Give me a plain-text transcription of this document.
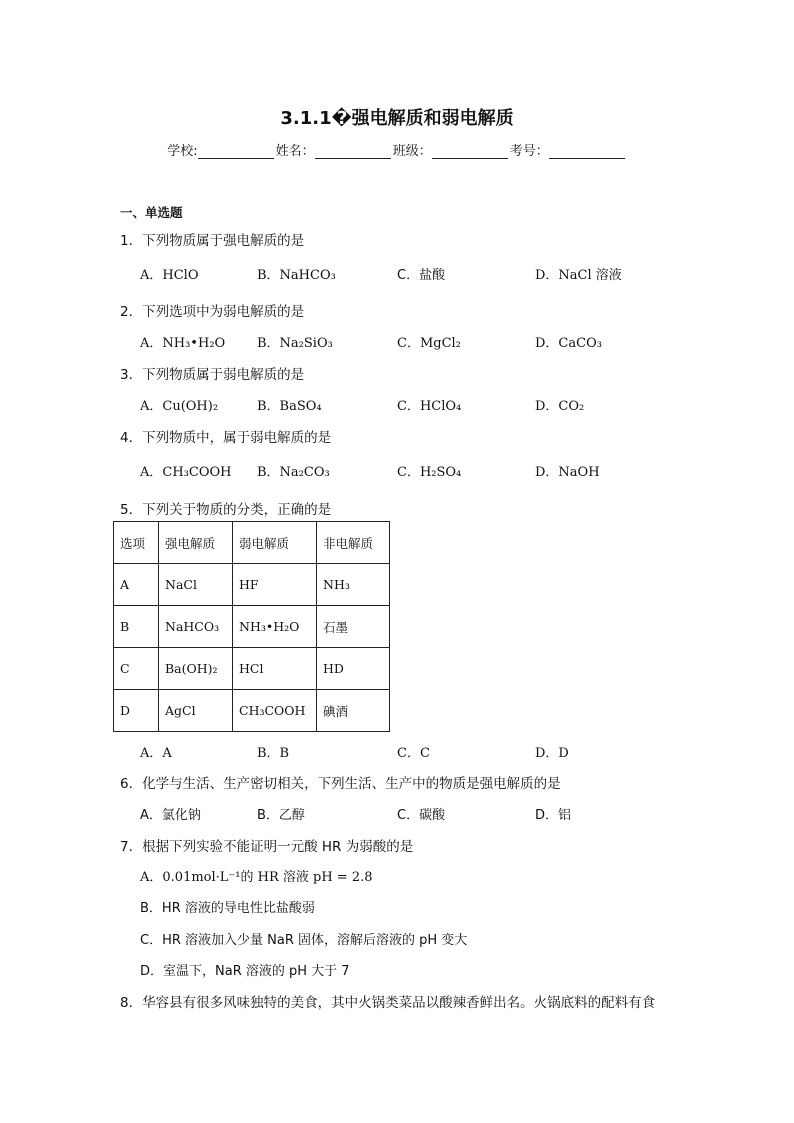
3.1.1�强电解质和弱电解质
学校:	姓名：	班级：	考号：
一、单选题
1．下列物质属于强电解质的是
A．HClO	B．NaHCO₃	C．盐酸	D．NaCl 溶液
2．下列选项中为弱电解质的是
A．NH₃•H₂O B．Na₂SiO₃	C．MgCl₂	D．CaCO₃
3．下列物质属于弱电解质的是
A．Cu(OH)₂	B．BaSO₄	C．HClO₄	D．CO₂
4．下列物质中，属于弱电解质的是
A．CH₃COOH B．Na₂CO₃	C．H₂SO₄	D．NaOH
5．下列关于物质的分类，正确的是
选项	强电解质	弱电解质	非电解质
A	NaCl	HF	NH₃
B	NaHCO₃	NH₃•H₂O	石墨
C	Ba(OH)₂	HCl	HD
D	AgCl	CH₃COOH	碘酒
A．A	B．B	C．C	D．D
6．化学与生活、生产密切相关，下列生活、生产中的物质是强电解质的是
A．氯化钠	B．乙醇	C．碳酸	D．铝
7．根据下列实验不能证明一元酸 HR 为弱酸的是
A．0.01mol·L⁻¹的 HR 溶液 pH = 2.8
B．HR 溶液的导电性比盐酸弱
C．HR 溶液加入少量 NaR 固体，溶解后溶液的 pH 变大
D．室温下，NaR 溶液的 pH 大于 7
8．华容县有很多风味独特的美食，其中火锅类菜品以酸辣香鲜出名。火锅底料的配料有食
